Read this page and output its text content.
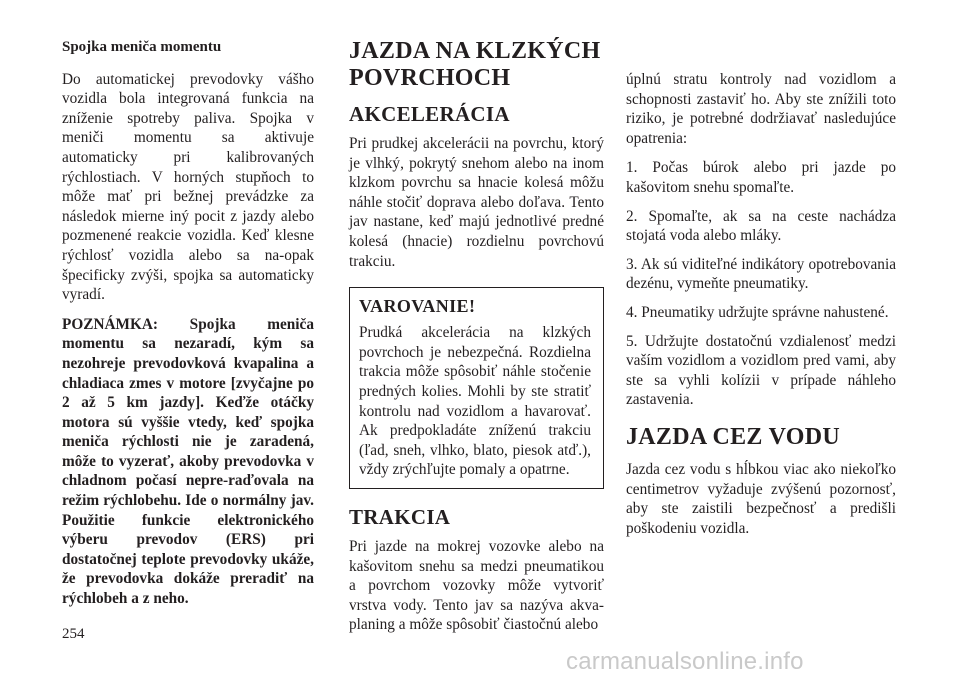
Spojka meniča momentu

Do automatickej prevodovky vášho vozidla bola integrovaná funkcia na zníženie spotreby paliva. Spojka v meniči momentu sa aktivuje automaticky pri kalibrovaných rýchlostiach. V horných stupňoch to môže mať pri bežnej prevádzke za následok mierne iný pocit z jazdy alebo pozmenené reakcie vozidla. Keď klesne rýchlosť vozidla alebo sa na-opak špecificky zvýši, spojka sa automaticky vyradí.

POZNÁMKA: Spojka meniča momentu sa nezaradí, kým sa nezohreje prevodovková kvapalina a chladiaca zmes v motore [zvyčajne po 2 až 5 km jazdy]. Keďže otáčky motora sú vyššie vtedy, keď spojka meniča rýchlosti nie je zaradená, môže to vyzerať, akoby prevodovka v chladnom počasí nepre-raďovala na režim rýchlobehu. Ide o normálny jav. Použitie funkcie elektronického výberu prevodov (ERS) pri dostatočnej teplote prevodovky ukáže, že prevodovka dokáže preradiť na rýchlobeh a z neho.

JAZDA NA KLZKÝCH POVRCHOCH
AKCELERÁCIA

Pri prudkej akcelerácii na povrchu, ktorý je vlhký, pokrytý snehom alebo na inom klzkom povrchu sa hnacie kolesá môžu náhle stočiť doprava alebo doľava. Tento jav nastane, keď majú jednotlivé predné kolesá (hnacie) rozdielnu povrchovú trakciu.

VAROVANIE!

Prudká akcelerácia na klzkých povrchoch je nebezpečná. Rozdielna trakcia môže spôsobiť náhle stočenie predných kolies. Mohli by ste stratiť kontrolu nad vozidlom a havarovať. Ak predpokladáte zníženú trakciu (ľad, sneh, vlhko, blato, piesok atď.), vždy zrýchľujte pomaly a opatrne.

TRAKCIA

Pri jazde na mokrej vozovke alebo na kašovitom snehu sa medzi pneumatikou a povrchom vozovky môže vytvoriť vrstva vody. Tento jav sa nazýva akva-planing a môže spôsobiť čiastočnú alebo

úplnú stratu kontroly nad vozidlom a schopnosti zastaviť ho. Aby ste znížili toto riziko, je potrebné dodržiavať nasledujúce opatrenia:

1. Počas búrok alebo pri jazde po kašovitom snehu spomaľte.
2. Spomaľte, ak sa na ceste nachádza stojatá voda alebo mláky.
3. Ak sú viditeľné indikátory opotrebovania dezénu, vymeňte pneumatiky.
4. Pneumatiky udržujte správne nahustené.
5. Udržujte dostatočnú vzdialenosť medzi vaším vozidlom a vozidlom pred vami, aby ste sa vyhli kolízii v prípade náhleho zastavenia.
JAZDA CEZ VODU

Jazda cez vodu s hĺbkou viac ako niekoľko centimetrov vyžaduje zvýšenú pozornosť, aby ste zaistili bezpečnosť a predišli poškodeniu vozidla.

254
carmanualsonline.info
